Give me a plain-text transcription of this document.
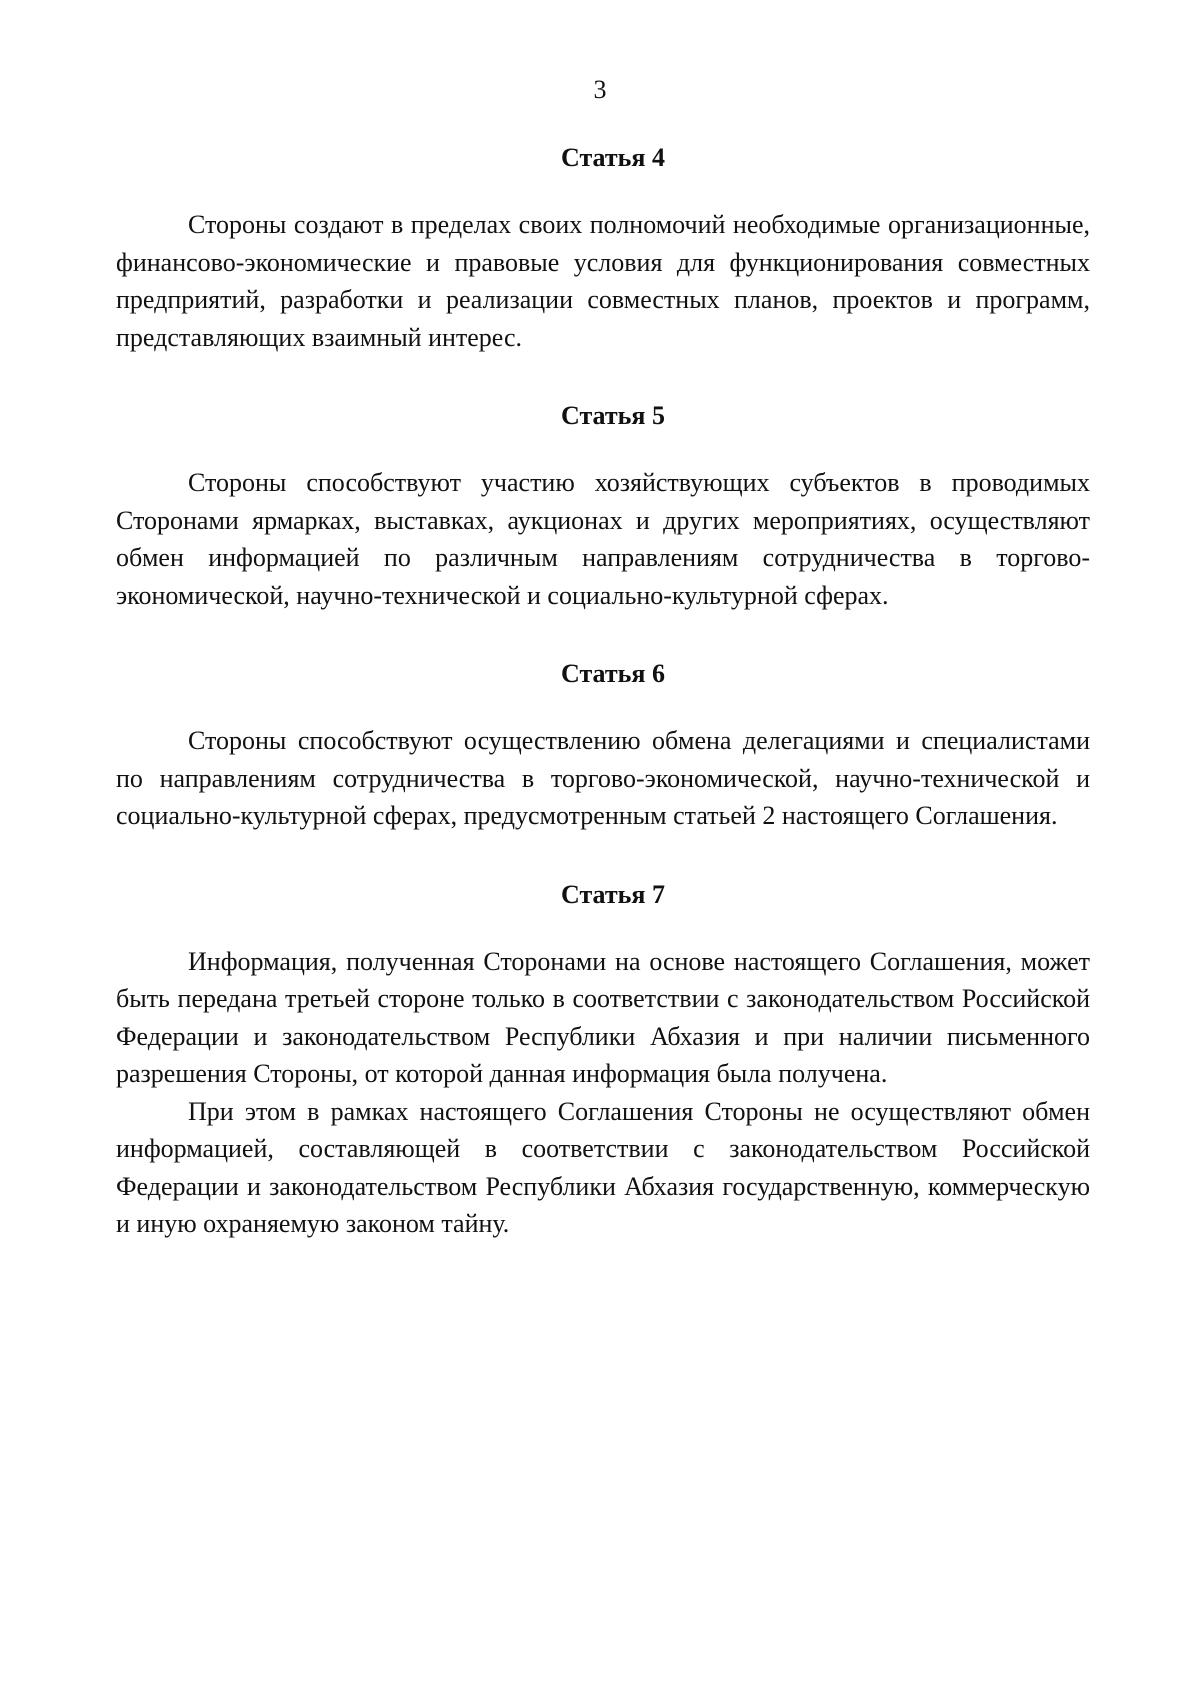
3
Статья 4

Стороны создают в пределах своих полномочий необходимые организационные, финансово-экономические и правовые условия для функционирования совместных предприятий, разработки и реализации совместных планов, проектов и программ, представляющих взаимный интерес.

Статья 5

Стороны способствуют участию хозяйствующих субъектов в проводимых Сторонами ярмарках, выставках, аукционах и других мероприятиях, осуществляют обмен информацией по различным направлениям сотрудничества в торгово-экономической, научно-технической и социально-культурной сферах.

Статья 6

Стороны способствуют осуществлению обмена делегациями и специалистами по направлениям сотрудничества в торгово-экономической, научно-технической и социально-культурной сферах, предусмотренным статьей 2 настоящего Соглашения.

Статья 7

Информация, полученная Сторонами на основе настоящего Соглашения, может быть передана третьей стороне только в соответствии с законодательством Российской Федерации и законодательством Республики Абхазия и при наличии письменного разрешения Стороны, от которой данная информация была получена.

При этом в рамках настоящего Соглашения Стороны не осуществляют обмен информацией, составляющей в соответствии с законодательством Российской Федерации и законодательством Республики Абхазия государственную, коммерческую и иную охраняемую законом тайну.
